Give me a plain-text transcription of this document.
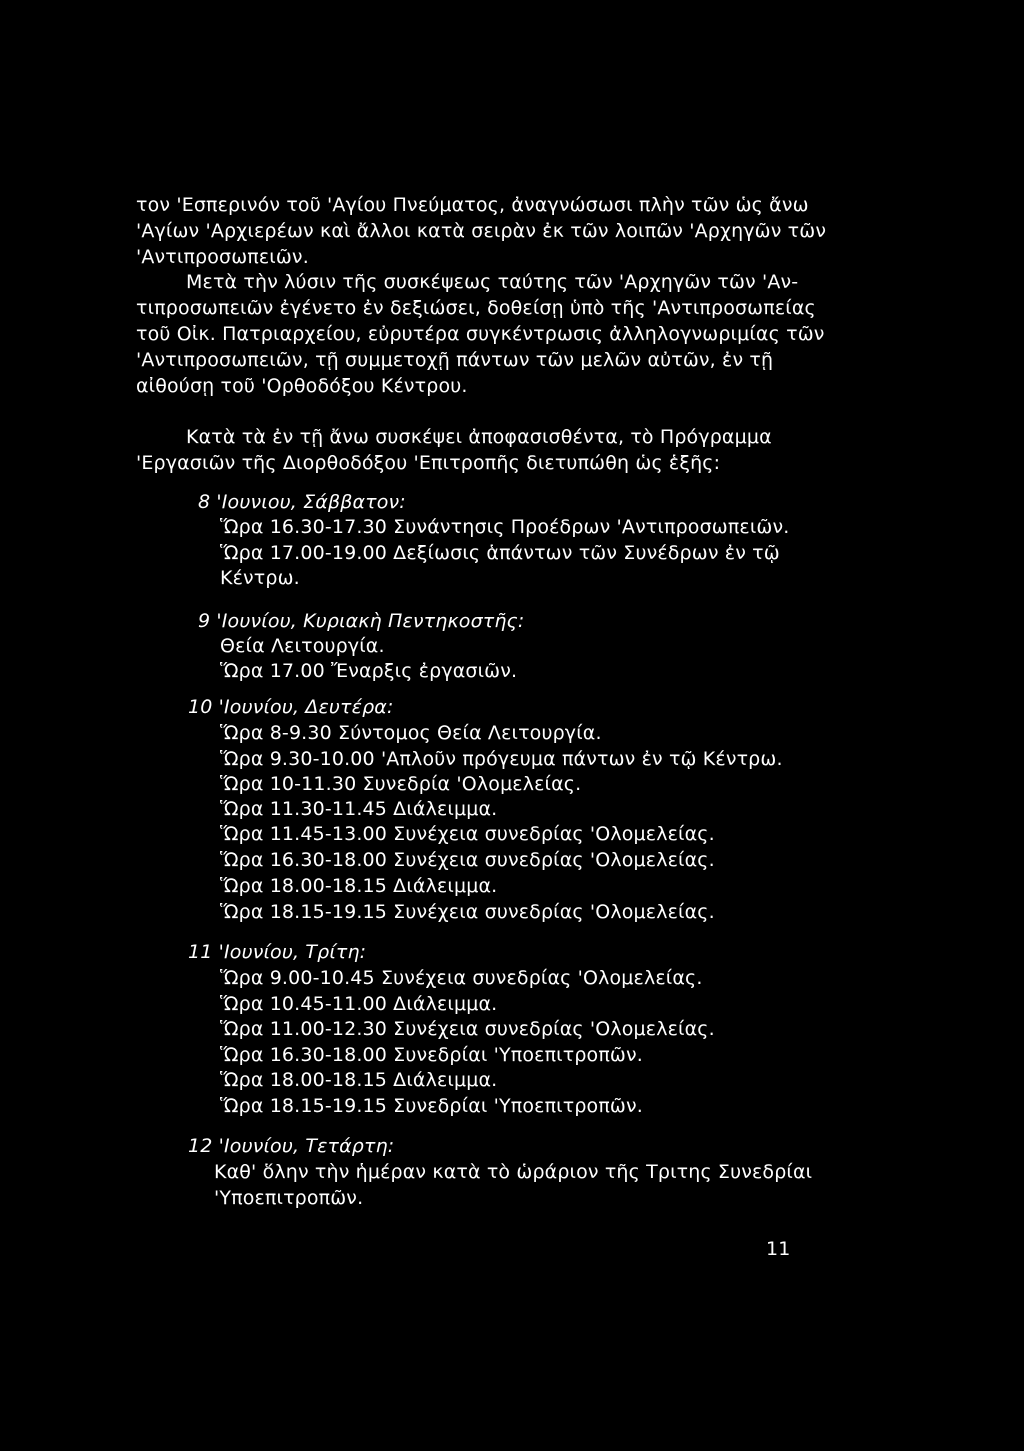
τον 'Εσπερινόν τοῦ 'Αγίου Πνεύματος, ἀναγνώσωσι πλὴν τῶν ὡς ἄνω
'Αγίων 'Αρχιερέων καὶ ἄλλοι κατὰ σειρὰν ἐκ τῶν λοιπῶν 'Αρχηγῶν τῶν
'Αντιπροσωπειῶν.
Μετὰ τὴν λύσιν τῆς συσκέψεως ταύτης τῶν 'Αρχηγῶν τῶν 'Αν-
τιπροσωπειῶν ἐγένετο ἐν δεξιώσει, δοθείσῃ ὑπὸ τῆς 'Αντιπροσωπείας
τοῦ Οἰκ. Πατριαρχείου, εὐρυτέρα συγκέντρωσις ἀλληλογνωριμίας τῶν
'Αντιπροσωπειῶν, τῇ συμμετοχῇ πάντων τῶν μελῶν αὐτῶν, ἐν τῇ
αἰθούσῃ τοῦ 'Ορθοδόξου Κέντρου.
Κατὰ τὰ ἐν τῇ ἄνω συσκέψει ἀποφασισθέντα, τὸ Πρόγραμμα
'Εργασιῶν τῆς Διορθοδόξου 'Επιτροπῆς διετυπώθη ὡς ἑξῆς:
8 'Ιουνιου, Σάββατον:
Ὥρα 16.30-17.30 Συνάντησις Προέδρων 'Αντιπροσωπειῶν.
Ὥρα 17.00-19.00 Δεξίωσις ἁπάντων τῶν Συνέδρων ἐν τῷ
Κέντρω.
9 'Ιουνίου, Κυριακὴ Πεντηκοστῆς:
Θεία Λειτουργία.
Ὥρα 17.00 Ἔναρξις ἐργασιῶν.
10 'Ιουνίου, Δευτέρα:
Ὥρα 8-9.30 Σύντομος Θεία Λειτουργία.
Ὥρα 9.30-10.00 'Απλοῦν πρόγευμα πάντων ἐν τῷ Κέντρω.
Ὥρα 10-11.30 Συνεδρία 'Ολομελείας.
Ὥρα 11.30-11.45 Διάλειμμα.
Ὥρα 11.45-13.00 Συνέχεια συνεδρίας 'Ολομελείας.
Ὥρα 16.30-18.00 Συνέχεια συνεδρίας 'Ολομελείας.
Ὥρα 18.00-18.15 Διάλειμμα.
Ὥρα 18.15-19.15 Συνέχεια συνεδρίας 'Ολομελείας.
11 'Ιουνίου, Τρίτη:
Ὥρα 9.00-10.45 Συνέχεια συνεδρίας 'Ολομελείας.
Ὥρα 10.45-11.00 Διάλειμμα.
Ὥρα 11.00-12.30 Συνέχεια συνεδρίας 'Ολομελείας.
Ὥρα 16.30-18.00 Συνεδρίαι 'Υποεπιτροπῶν.
Ὥρα 18.00-18.15 Διάλειμμα.
Ὥρα 18.15-19.15 Συνεδρίαι 'Υποεπιτροπῶν.
12 'Ιουνίου, Τετάρτη:
Καθ' ὅλην τὴν ἡμέραν κατὰ τὸ ὡράριον τῆς Τριτης Συνεδρίαι
'Υποεπιτροπῶν.
11
